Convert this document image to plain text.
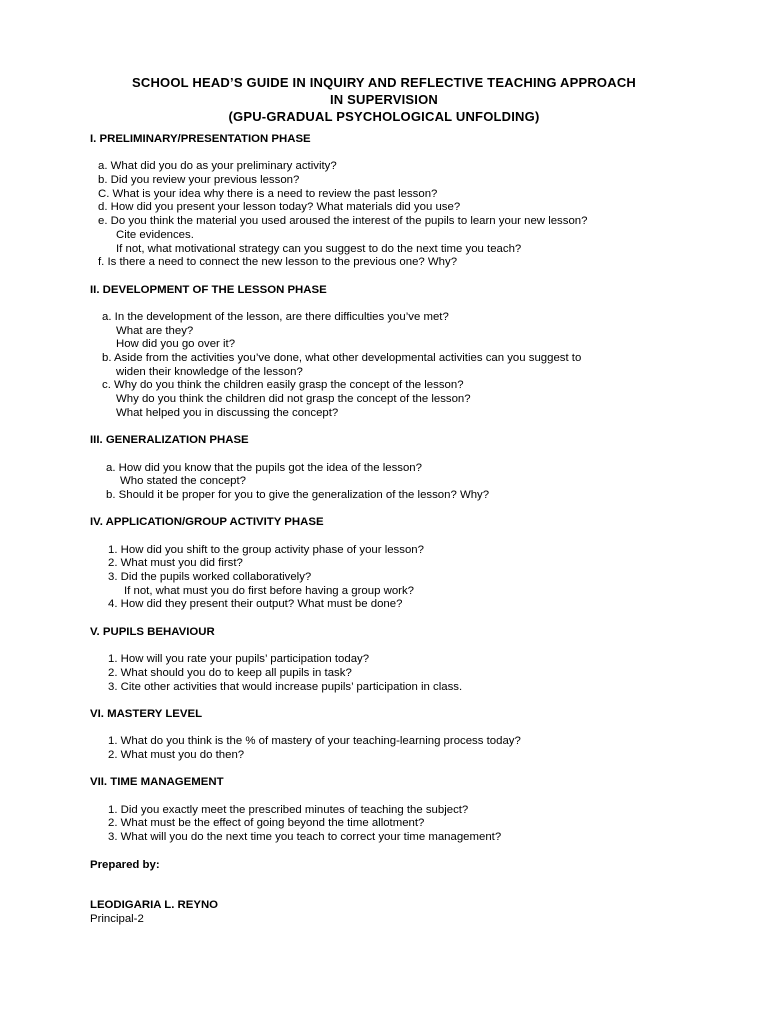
SCHOOL HEAD’S GUIDE IN INQUIRY AND REFLECTIVE TEACHING APPROACH
IN SUPERVISION
(GPU-GRADUAL PSYCHOLOGICAL UNFOLDING)
I. PRELIMINARY/PRESENTATION PHASE
a. What did you do as your preliminary activity?
b. Did you review your previous lesson?
C. What is your idea why there is a need to review the past lesson?
d. How did you present your lesson today? What materials did you use?
e. Do you think the material you used aroused the interest of the pupils to learn your new lesson?
Cite evidences.
If not, what motivational strategy can you suggest to do the next time you teach?
f. Is there a need to connect the new lesson to the previous one? Why?
II. DEVELOPMENT OF THE LESSON PHASE
a. In the development of the lesson, are there difficulties you’ve met?
What are they?
How did you go over it?
b. Aside from the activities you’ve done, what other developmental activities can you suggest to
widen their knowledge of the lesson?
c. Why do you think the children easily grasp the concept of the lesson?
Why do you think the children did not grasp the concept of the lesson?
What helped you in discussing the concept?
III. GENERALIZATION PHASE
a. How did you know that the pupils got the idea of the lesson?
Who stated the concept?
b. Should it be proper for you to give the generalization of the lesson? Why?
IV. APPLICATION/GROUP ACTIVITY PHASE
1. How did you shift to the group activity phase of your lesson?
2. What must you did first?
3. Did the pupils worked collaboratively?
If not, what must you do first before having a group work?
4. How did they present their output? What must be done?
V. PUPILS BEHAVIOUR
1. How will you rate your pupils’ participation today?
2. What should you do to keep all pupils in task?
3. Cite other activities that would increase pupils’ participation in class.
VI. MASTERY LEVEL
1. What do you think is the % of mastery of your teaching-learning process today?
2. What must you do then?
VII. TIME MANAGEMENT
1. Did you exactly meet the prescribed minutes of teaching the subject?
2. What must be the effect of going beyond the time allotment?
3. What will you do the next time you teach to correct your time management?
Prepared by:
LEODIGARIA L. REYNO
Principal-2
